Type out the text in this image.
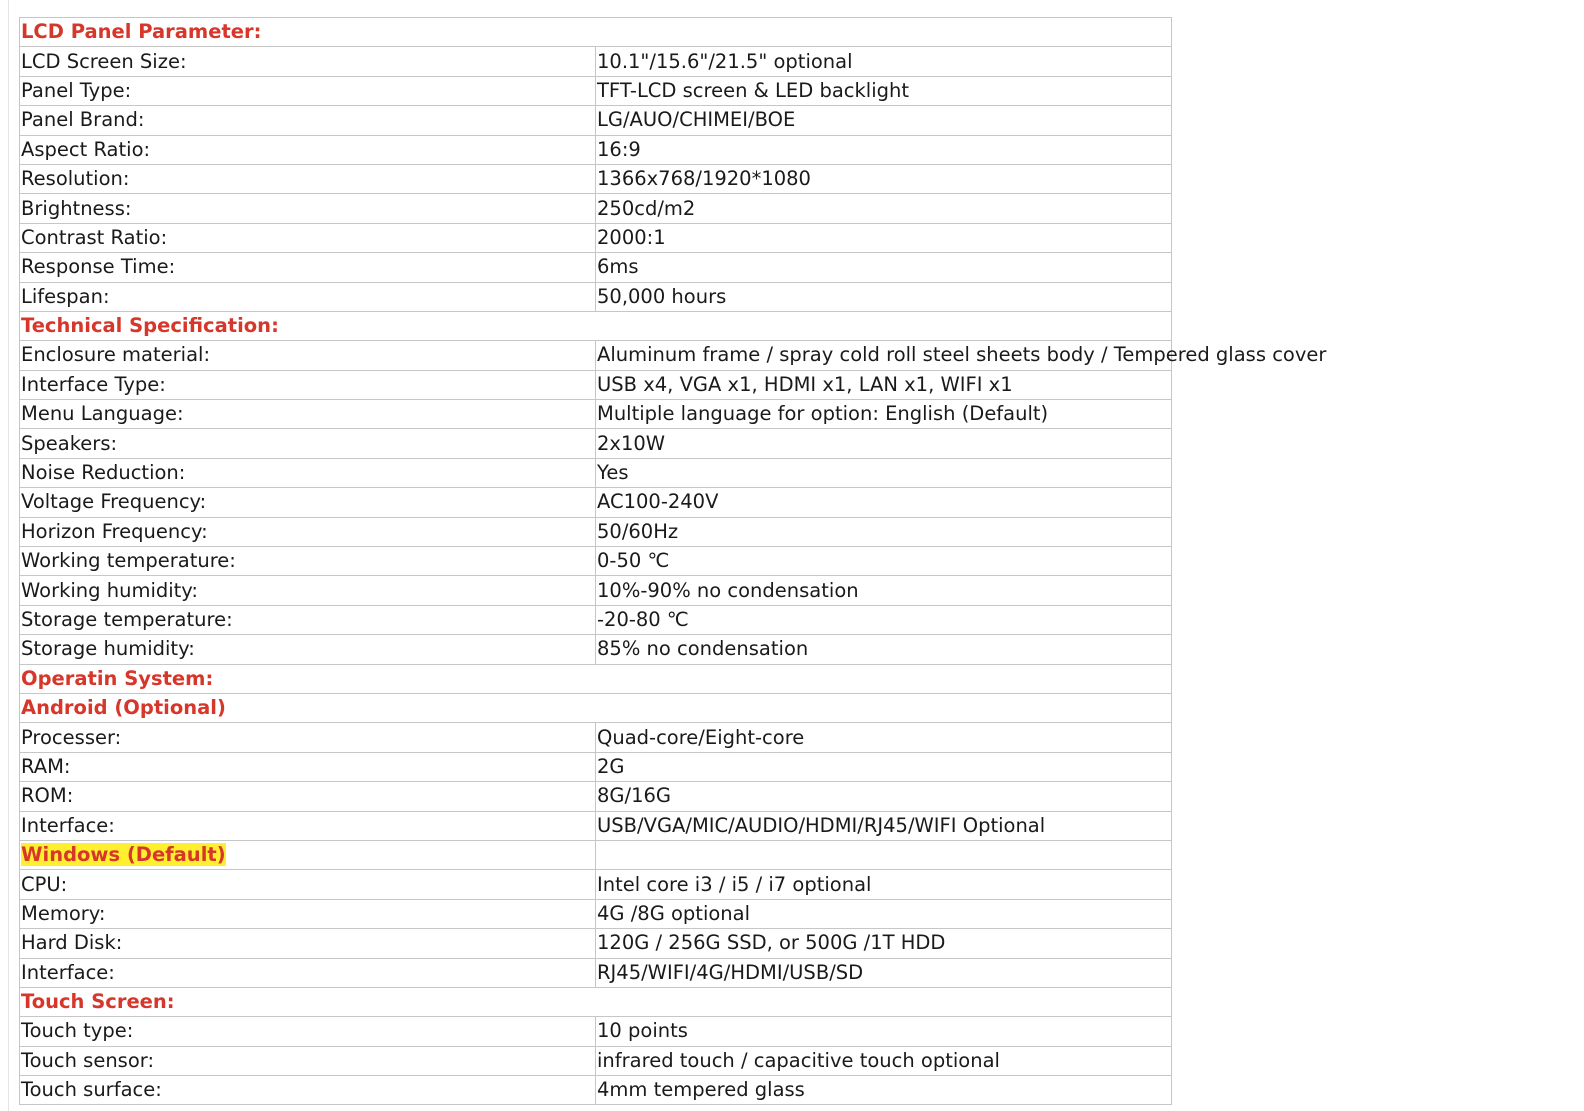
LCD Panel Parameter:	
LCD Screen Size:	10.1"/15.6"/21.5" optional
Panel Type:	TFT-LCD screen & LED backlight
Panel Brand:	LG/AUO/CHIMEI/BOE
Aspect Ratio:	16:9
Resolution:	1366x768/1920*1080
Brightness:	250cd/m2
Contrast Ratio:	2000:1
Response Time:	6ms
Lifespan:	50,000 hours
Technical Specification:	
Enclosure material:	Aluminum frame / spray cold roll steel sheets body / Tempered glass cover
Interface Type:	USB x4, VGA x1, HDMI x1, LAN x1, WIFI x1
Menu Language:	Multiple language for option: English (Default)
Speakers:	2x10W
Noise Reduction:	Yes
Voltage Frequency:	AC100-240V
Horizon Frequency:	50/60Hz
Working temperature:	0-50 ℃
Working humidity:	10%-90% no condensation
Storage temperature:	-20-80 ℃
Storage humidity:	85% no condensation
Operatin System:	
Android (Optional)	
Processer:	Quad-core/Eight-core
RAM:	2G
ROM:	8G/16G
Interface:	USB/VGA/MIC/AUDIO/HDMI/RJ45/WIFI Optional
Windows (Default)	
CPU:	Intel core i3 / i5 / i7 optional
Memory:	4G /8G optional
Hard Disk:	120G / 256G SSD, or 500G /1T HDD
Interface:	RJ45/WIFI/4G/HDMI/USB/SD
Touch Screen:	
Touch type:	10 points
Touch sensor:	infrared touch / capacitive touch optional
Touch surface:	4mm tempered glass
